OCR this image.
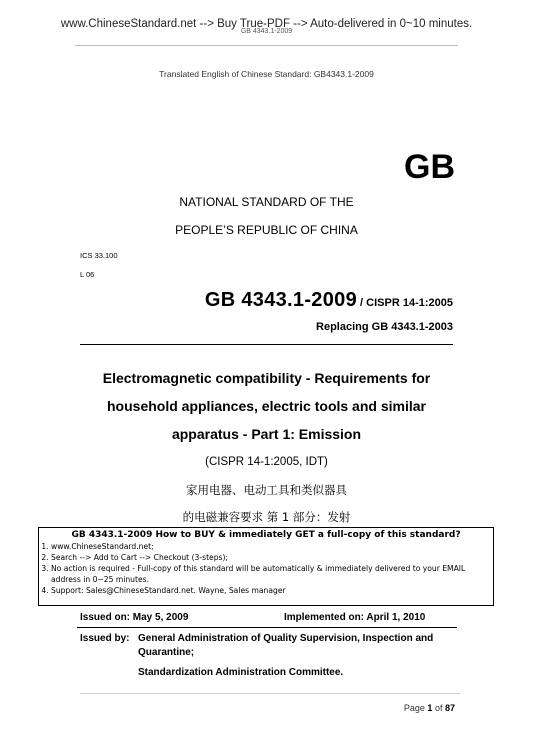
www.ChineseStandard.net --> Buy True-PDF --> Auto-delivered in 0~10 minutes.
GB 4343.1-2009
Translated English of Chinese Standard: GB4343.1-2009
GB
NATIONAL STANDARD OF THE
PEOPLE’S REPUBLIC OF CHINA
ICS 33.100
L 06
GB 4343.1-2009 / CISPR 14-1:2005
Replacing GB 4343.1-2003
Electromagnetic compatibility - Requirements for
household appliances, electric tools and similar
apparatus - Part 1: Emission
(CISPR 14-1:2005, IDT)
家用电器、电动工具和类似器具
的电磁兼容要求 第 1 部分：发射
GB 4343.1-2009 How to BUY & immediately GET a full-copy of this standard?
1. www.ChineseStandard.net;
2. Search --> Add to Cart --> Checkout (3-steps);
3. No action is required - Full-copy of this standard will be automatically & immediately delivered to your EMAIL address in 0~25 minutes.
4. Support: Sales@ChineseStandard.net. Wayne, Sales manager
Issued on: May 5, 2009	Implemented on: April 1, 2010
Issued by: General Administration of Quality Supervision, Inspection and
Quarantine;
Standardization Administration Committee.
Page 1 of 87
